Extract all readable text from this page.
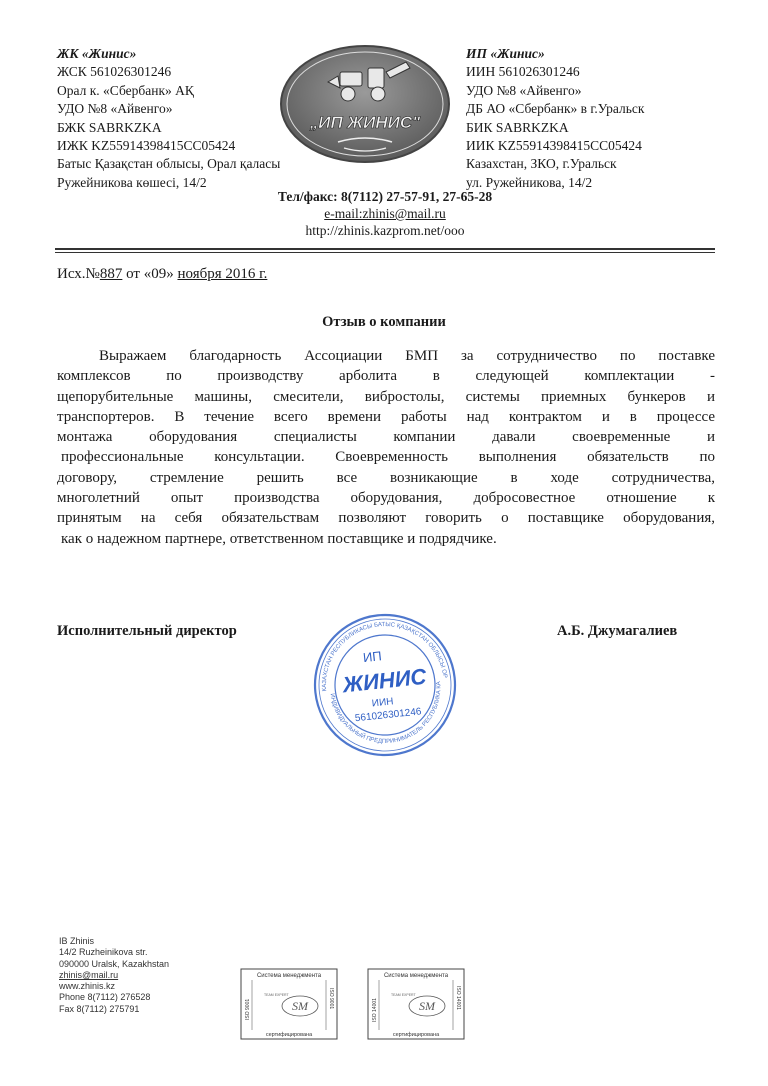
ЖК «Жинис»
ЖСК 561026301246
Орал к. «Сбербанк» АҚ
УДО №8 «Айвенго»
БЖК SABRKZKA
ИЖК KZ55914398415CC05424
Батыс Қазақстан облысы, Орал қаласы
Ружейникова көшесі, 14/2
„ИП ЖИНИС"
ИП «Жинис»
ИИН 561026301246
УДО №8 «Айвенго»
ДБ АО «Сбербанк» в г.Уральск
БИК SABRKZKA
ИИК KZ55914398415CC05424
Казахстан, ЗКО, г.Уральск
ул. Ружейникова, 14/2
Тел/факс: 8(7112) 27-57-91, 27-65-28
e-mail:zhinis@mail.ru
http://zhinis.kazprom.net/ooo
Исх.№887 от «09» ноября 2016 г.
Отзыв о компании
Выражаем благодарность Ассоциации БМП за сотрудничество по поставке
комплексов по производству арболита в следующей комплектации -
щепорубительные машины, смесители, вибростолы, системы приемных бункеров и
транспортеров. В течение всего времени работы над контрактом и в процессе
монтажа оборудования специалисты компании давали своевременные и
профессиональные консультации. Своевременность выполнения обязательств по
договору, стремление решить все возникающие в ходе сотрудничества,
многолетний опыт производства оборудования, добросовестное отношение к
принятым на себя обязательствам позволяют говорить о поставщике оборудования,
как о надежном партнере, ответственном поставщике и подрядчике.
Исполнительный директор	А.Б. Джумагалиев
КАЗАХСТАН РЕСПУБЛИКАСЫ БАТЫС ҚАЗАҚСТАН ОБЛЫСЫ ОРАЛ
ИНДИВИДУАЛЬНЫЙ ПРЕДПРИНИМАТЕЛЬ РЕСПУБЛИКА КАЗАХСТАН
ИП
ЖИНИС
ИИН
561026301246
IB Zhinis
14/2 Ruzheinikova str.
090000 Uralsk, Kazakhstan
zhinis@mail.ru
www.zhinis.kz
Phone 8(7112) 276528
Fax 8(7112) 275791
Система менеджмента
ISO 9001
ISO 9001
TEAM EXPERT
SM
сертифицирована
Система менеджмента
ISO 14001
ISO 14001
TEAM EXPERT
SM
сертифицирована
